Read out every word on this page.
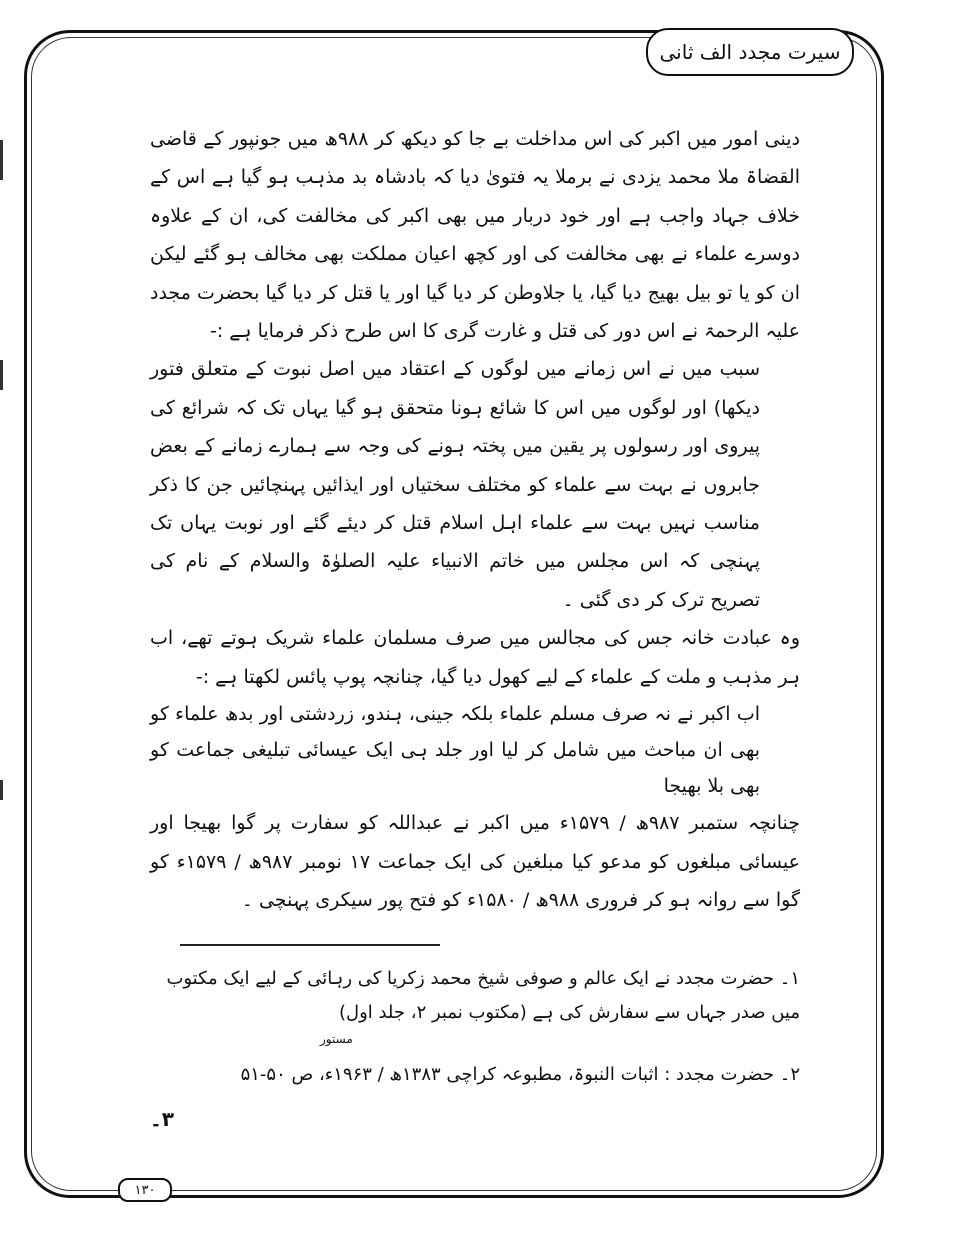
سیرت مجدد الف ثانی

دینی امور میں اکبر کی اس مداخلت بے جا کو دیکھ کر ۹۸۸ھ میں جونپور کے قاضی القضاۃ ملا محمد یزدی نے برملا یہ فتویٰ دیا کہ بادشاہ بد مذہب ہو گیا ہے اس کے خلاف جہاد واجب ہے اور خود دربار میں بھی اکبر کی مخالفت کی، ان کے علاوہ دوسرے علماء نے بھی مخالفت کی اور کچھ اعیان مملکت بھی مخالف ہو گئے لیکن ان کو یا تو بیل بھیج دیا گیا، یا جلاوطن کر دیا گیا اور یا قتل کر دیا گیا بحضرت مجدد علیہ الرحمۃ نے اس دور کی قتل و غارت گری کا اس طرح ذکر فرمایا ہے :-

سبب میں نے اس زمانے میں لوگوں کے اعتقاد میں اصل نبوت کے متعلق فتور دیکھا) اور لوگوں میں اس کا شائع ہونا متحقق ہو گیا یہاں تک کہ شرائع کی پیروی اور رسولوں پر یقین میں پختہ ہونے کی وجہ سے ہمارے زمانے کے بعض جابروں نے بہت سے علماء کو مختلف سختیاں اور ایذائیں پہنچائیں جن کا ذکر مناسب نہیں بہت سے علماء اہل اسلام قتل کر دیئے گئے اور نوبت یہاں تک پہنچی کہ اس مجلس میں خاتم الانبیاء علیہ الصلوٰۃ والسلام کے نام کی تصریح ترک کر دی گئی ۔

وہ عبادت خانہ جس کی مجالس میں صرف مسلمان علماء شریک ہوتے تھے، اب ہر مذہب و ملت کے علماء کے لیے کھول دیا گیا، چنانچہ پوپ پائس لکھتا ہے :-

اب اکبر نے نہ صرف مسلم علماء بلکہ جینی، ہندو، زردشتی اور بدھ علماء کو بھی ان مباحث میں شامل کر لیا اور جلد ہی ایک عیسائی تبلیغی جماعت کو بھی بلا بھیجا

چنانچہ ستمبر ۹۸۷ھ / ۱۵۷۹ء میں اکبر نے عبداللہ کو سفارت پر گوا بھیجا اور عیسائی مبلغوں کو مدعو کیا مبلغین کی ایک جماعت ۱۷ نومبر ۹۸۷ھ / ۱۵۷۹ء کو گوا سے روانہ ہو کر فروری ۹۸۸ھ / ۱۵۸۰ء کو فتح پور سیکری پہنچی ۔

۱۔ حضرت مجدد نے ایک عالم و صوفی شیخ محمد زکریا کی رہائی کے لیے ایک مکتوب میں صدر جہاں سے سفارش کی ہے (مکتوب نمبر ۲، جلد اول)
مستور
۲۔ حضرت مجدد : اثبات النبوۃ، مطبوعہ کراچی ۱۳۸۳ھ / ۱۹۶۳ء، ص ۵۰-۵۱
۳۔
۱۳۰
